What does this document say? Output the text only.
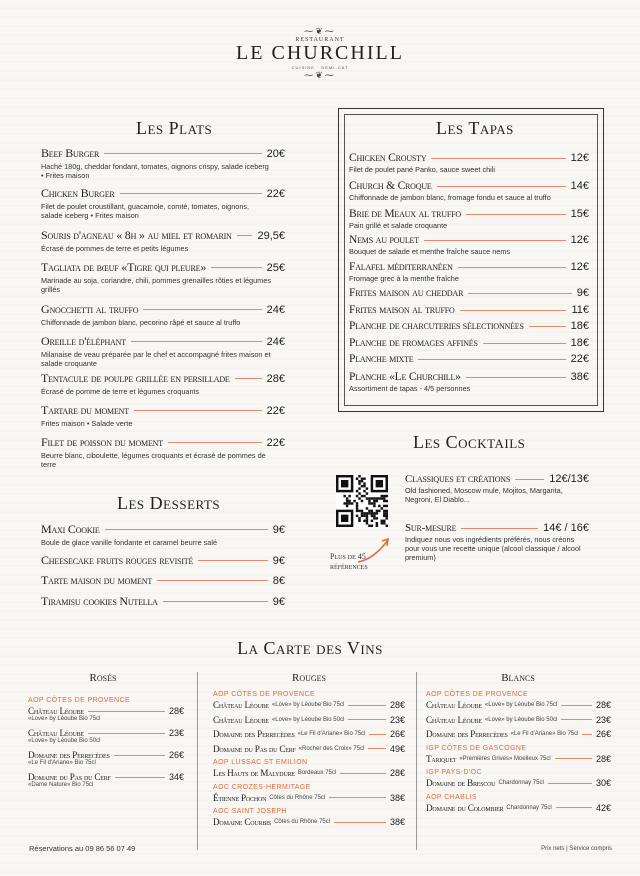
⁓❦⁓
RESTAURANT
LE CHURCHILL
CUISINE · DEMI-CAT
⁓❦⁓
Les Plats	Les Tapas
Les Cocktails
Plus de 45 références
Les Desserts
La Carte des Vins
Rosés	Rouges	Blancs
Réservations au 09 86 56 07 49	Prix nets | Service compris
Beef Burger	20€
Haché 180g, cheddar fondant, tomates, oignons crispy, salade iceberg • Frites maison
Chicken Burger	22€
Filet de poulet croustillant, guacamole, comté, tomates, oignons, salade iceberg • Frites maison
Souris d'agneau « 8h » au miel et romarin 29,5€
Écrasé de pommes de terre et petits légumes
Tagliata de bœuf «Tigre qui pleure»	25€
Marinade au soja, coriandre, chili, pommes grenailles rôties et légumes grillés
Gnocchetti al truffo	24€
Chiffonnade de jambon blanc, pecorino râpé et sauce al truffo
Oreille d'éléphant	24€
Milanaise de veau préparée par le chef et accompagné frites maison et salade croquante
Tentacule de poulpe grillée en persillade	28€
Écrasé de pomme de terre et légumes croquants
Tartare du moment	22€
Frites maison • Salade verte
Filet de poisson du moment	22€
Beurre blanc, ciboulette, légumes croquants et écrasé de pommes de terre
Chicken Crousty	12€
Filet de poulet pané Panko, sauce sweet chili
Church & Croque	14€
Chiffonnade de jambon blanc, fromage fondu et sauce al truffo
Brie de Meaux al truffo	15€
Pain grillé et salade croquante
Nems au poulet	12€
Bouquet de salade et menthe fraîche sauce nems
Falafel méditerranéen	12€
Fromage grec à la menthe fraîche
Frites maison au cheddar	9€
Frites maison al truffo	11€
Planche de charcuteries sélectionnées	18€
Planche de fromages affinés	18€
Planche mixte	22€
Planche «Le Churchill»	38€
Assortiment de tapas - 4/5 personnes
Classiques et créations	12€/13€
Old fashioned, Moscow mule, Mojitos, Margarita, Negroni, El Diablo...
Sur-mesure	14€ / 16€
Indiquez nous vos ingrédients préférés, nous créons pour vous une recette unique (alcool classique / alcool premium)
Maxi Cookie	9€
Boule de glace vanille fondante et caramel beurre salé
Cheesecake fruits rouges revisité	9€
Tarte maison du moment	8€
Tiramisu cookies Nutella	9€
AOP CÔTES DE PROVENCE
Château Léoube	28€
«Love» by Léoube Bio 75cl
Château Léoube	23€
«Love» by Léoube Bio 50cl
Domaine des Perrecèdes	26€
«Le Fil d'Ariane» Bio 75cl
Domaine du Pas du Cerf	34€
«Dame Nature» Bio 75cl
AOP CÔTES DE PROVENCE
Château Léoube «Love» by Léoube Bio 75cl	28€
Château Léoube «Love» by Léoube Bio 50cl	23€
Domaine des Perrecèdes «Le Fil d'Ariane» Bio 75cl	26€
Domaine du Pas du Cerf «Rocher des Croix» 75cl	49€
AOP LUSSAC ST EMILION
Les Hauts de Malydure Bordeaux 75cl	28€
AOC CROZES-HERMITAGE
Étienne Pochon Côtes du Rhône 75cl	38€
AOC SAINT JOSEPH
Domaine Courbis Côtes du Rhône 75cl	38€
AOP CÔTES DE PROVENCE
Château Léoube «Love» by Léoube Bio 75cl	28€
Château Léoube «Love» by Léoube Bio 50cl	23€
Domaine des Perrecèdes «Le Fil d'Ariane» Bio 75cl 26€
IGP CÔTES DE GASCOGNE
Tariquet «Premières Grives» Moelleux 75cl	28€
IGP PAYS-D'OC
Domaine de Brescou Chardonnay 75cl	30€
AOP CHABLIS
Domaine du Colombier Chardonnay 75cl	42€
